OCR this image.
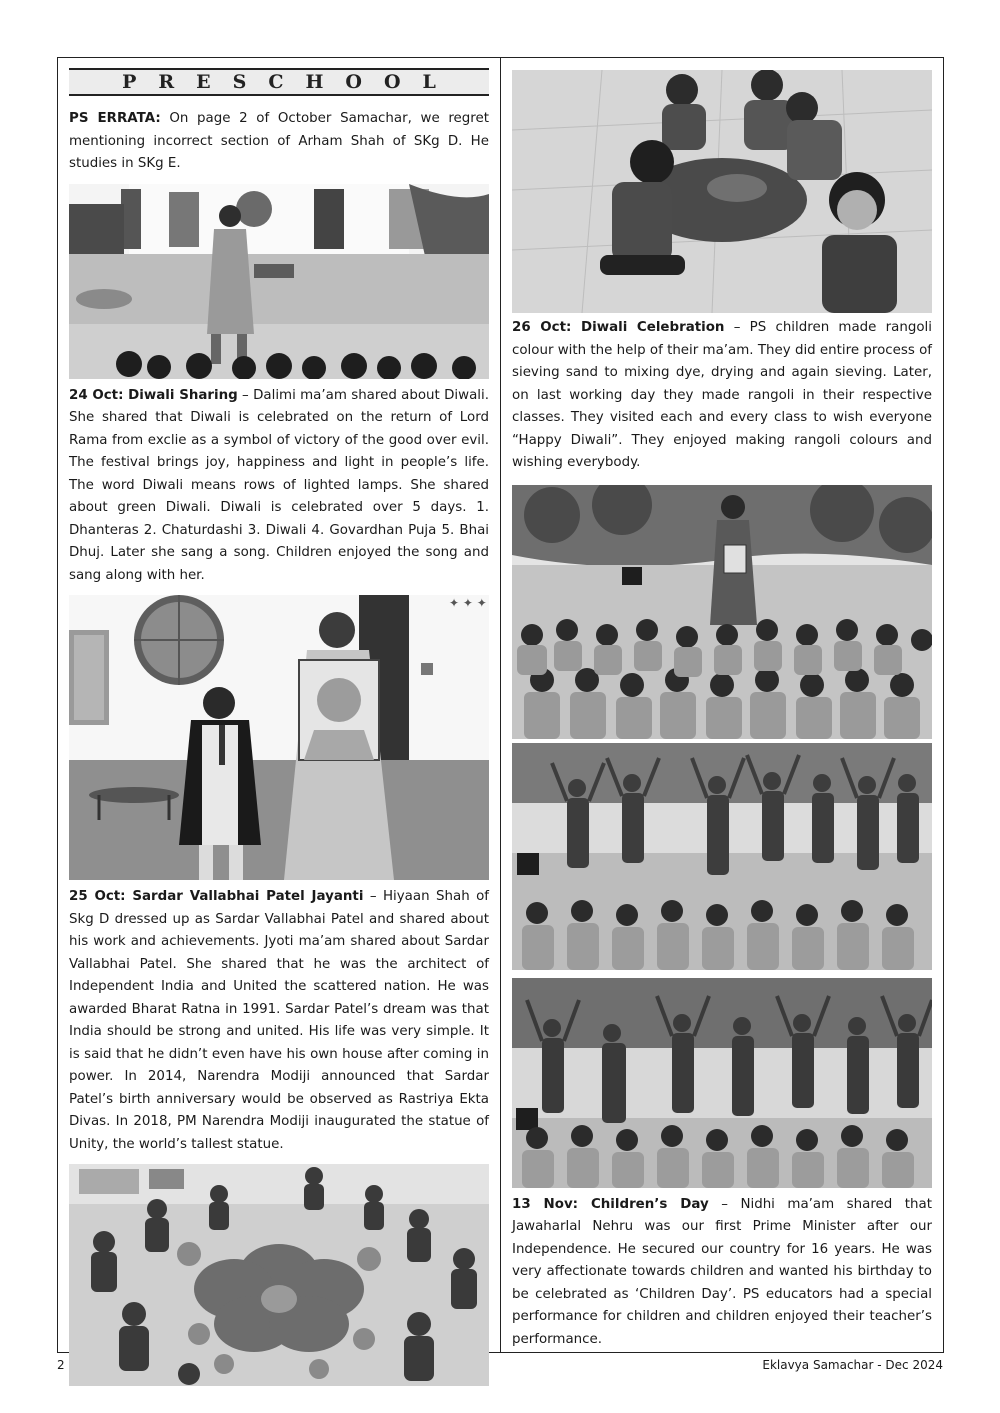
PRESCHOOL

PS ERRATA: On page 2 of October Samachar, we regret mentioning incorrect section of Arham Shah of SKg D. He studies in SKg E.

24 Oct: Diwali Sharing – Dalimi ma’am shared about Diwali. She shared that Diwali is celebrated on the return of Lord Rama from exclie as a symbol of victory of the good over evil. The festival brings joy, happiness and light in people’s life. The word Diwali means rows of lighted lamps. She shared about green Diwali. Diwali is celebrated over 5 days. 1. Dhanteras 2. Chaturdashi 3. Diwali 4. Govardhan Puja 5. Bhai Dhuj. Later she sang a song. Children enjoyed the song and sang along with her.

✦ ✦ ✦

25 Oct: Sardar Vallabhai Patel Jayanti – Hiyaan Shah of Skg D dressed up as Sardar Vallabhai Patel and shared about his work and achievements. Jyoti ma’am shared about Sardar Vallabhai Patel. She shared that he was the architect of Independent India and United the scattered nation. He was awarded Bharat Ratna in 1991. Sardar Patel’s dream was that India should be strong and united. His life was very simple. It is said that he didn’t even have his own house after coming in power. In 2014, Narendra Modiji announced that Sardar Patel’s birth anniversary would be observed as Rastriya Ekta Divas. In 2018, PM Narendra Modiji inaugurated the statue of Unity, the world’s tallest statue.

26 Oct: Diwali Celebration – PS children made rangoli colour with the help of their ma’am. They did entire process of sieving sand to mixing dye, drying and again sieving. Later, on last working day they made rangoli in their respective classes. They visited each and every class to wish everyone “Happy Diwali”. They enjoyed making rangoli colours and wishing everybody.

13 Nov: Children’s Day – Nidhi ma’am shared that Jawaharlal Nehru was our first Prime Minister after our Independence. He secured our country for 16 years. He was very affectionate towards children and wanted his birthday to be celebrated as ‘Children Day’. PS educators had a special performance for children and children enjoyed their teacher’s performance.

2	Eklavya Samachar - Dec 2024
